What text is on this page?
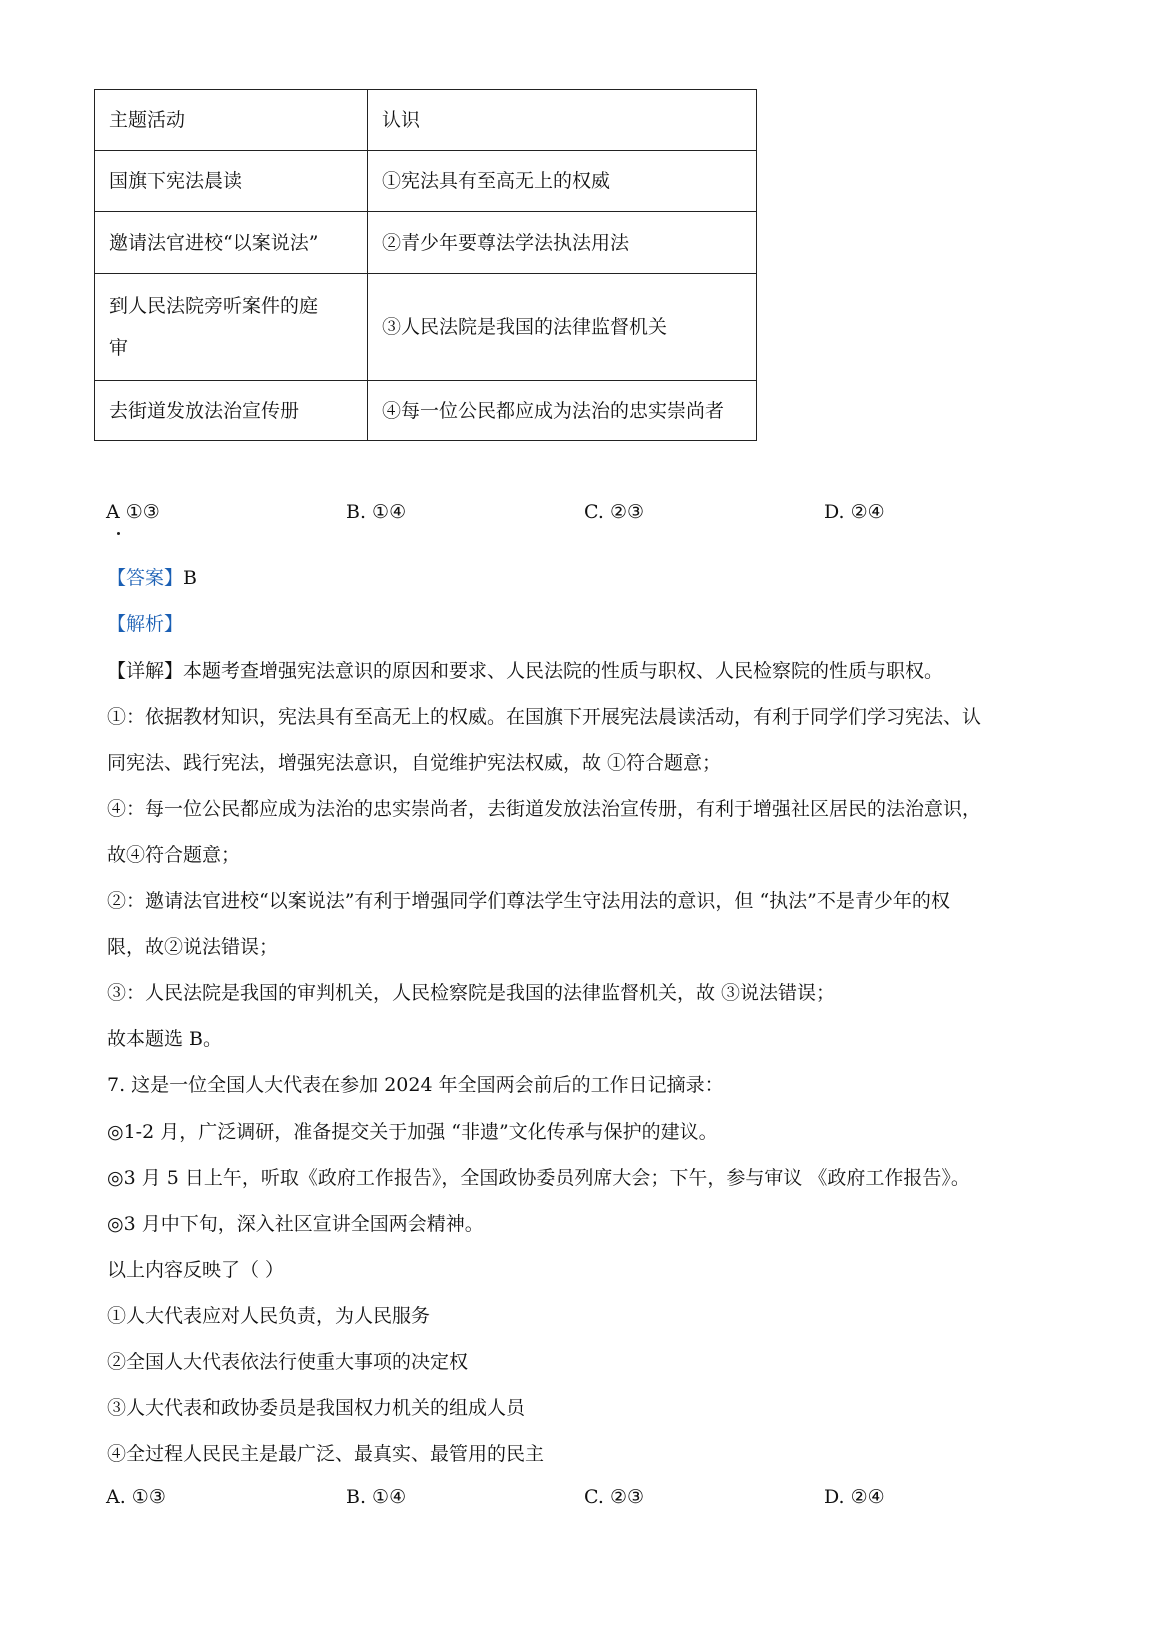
主题活动	认识
国旗下宪法晨读	①宪法具有至高无上的权威
邀请法官进校“以案说法”	②青少年要尊法学法执法用法

到人民法院旁听案件的庭
审	③人民法院是我国的法律监督机关
去街道发放法治宣传册	④每一位公民都应成为法治的忠实崇尚者
A ①③	B. ①④	C. ②③	D. ②④
【答案】B
【解析】
【详解】本题考查增强宪法意识的原因和要求、人民法院的性质与职权、人民检察院的性质与职权。
①：依据教材知识，宪法具有至高无上的权威。在国旗下开展宪法晨读活动，有利于同学们学习宪法、认
同宪法、践行宪法，增强宪法意识，自觉维护宪法权威，故 ①符合题意；
④：每一位公民都应成为法治的忠实崇尚者，去街道发放法治宣传册，有利于增强社区居民的法治意识，
故④符合题意；
②：邀请法官进校“以案说法”有利于增强同学们尊法学生守法用法的意识，但 “执法”不是青少年的权
限，故②说法错误；
③：人民法院是我国的审判机关，人民检察院是我国的法律监督机关，故 ③说法错误；
故本题选 B。
7. 这是一位全国人大代表在参加 2024 年全国两会前后的工作日记摘录：
◎1-2 月，广泛调研，准备提交关于加强 “非遗”文化传承与保护的建议。
◎3 月 5 日上午，听取《政府工作报告》，全国政协委员列席大会；下午，参与审议 《政府工作报告》。
◎3 月中下旬，深入社区宣讲全国两会精神。
以上内容反映了（ ）
①人大代表应对人民负责，为人民服务
②全国人大代表依法行使重大事项的决定权
③人大代表和政协委员是我国权力机关的组成人员
④全过程人民民主是最广泛、最真实、最管用的民主
A. ①③	B. ①④	C. ②③	D. ②④
